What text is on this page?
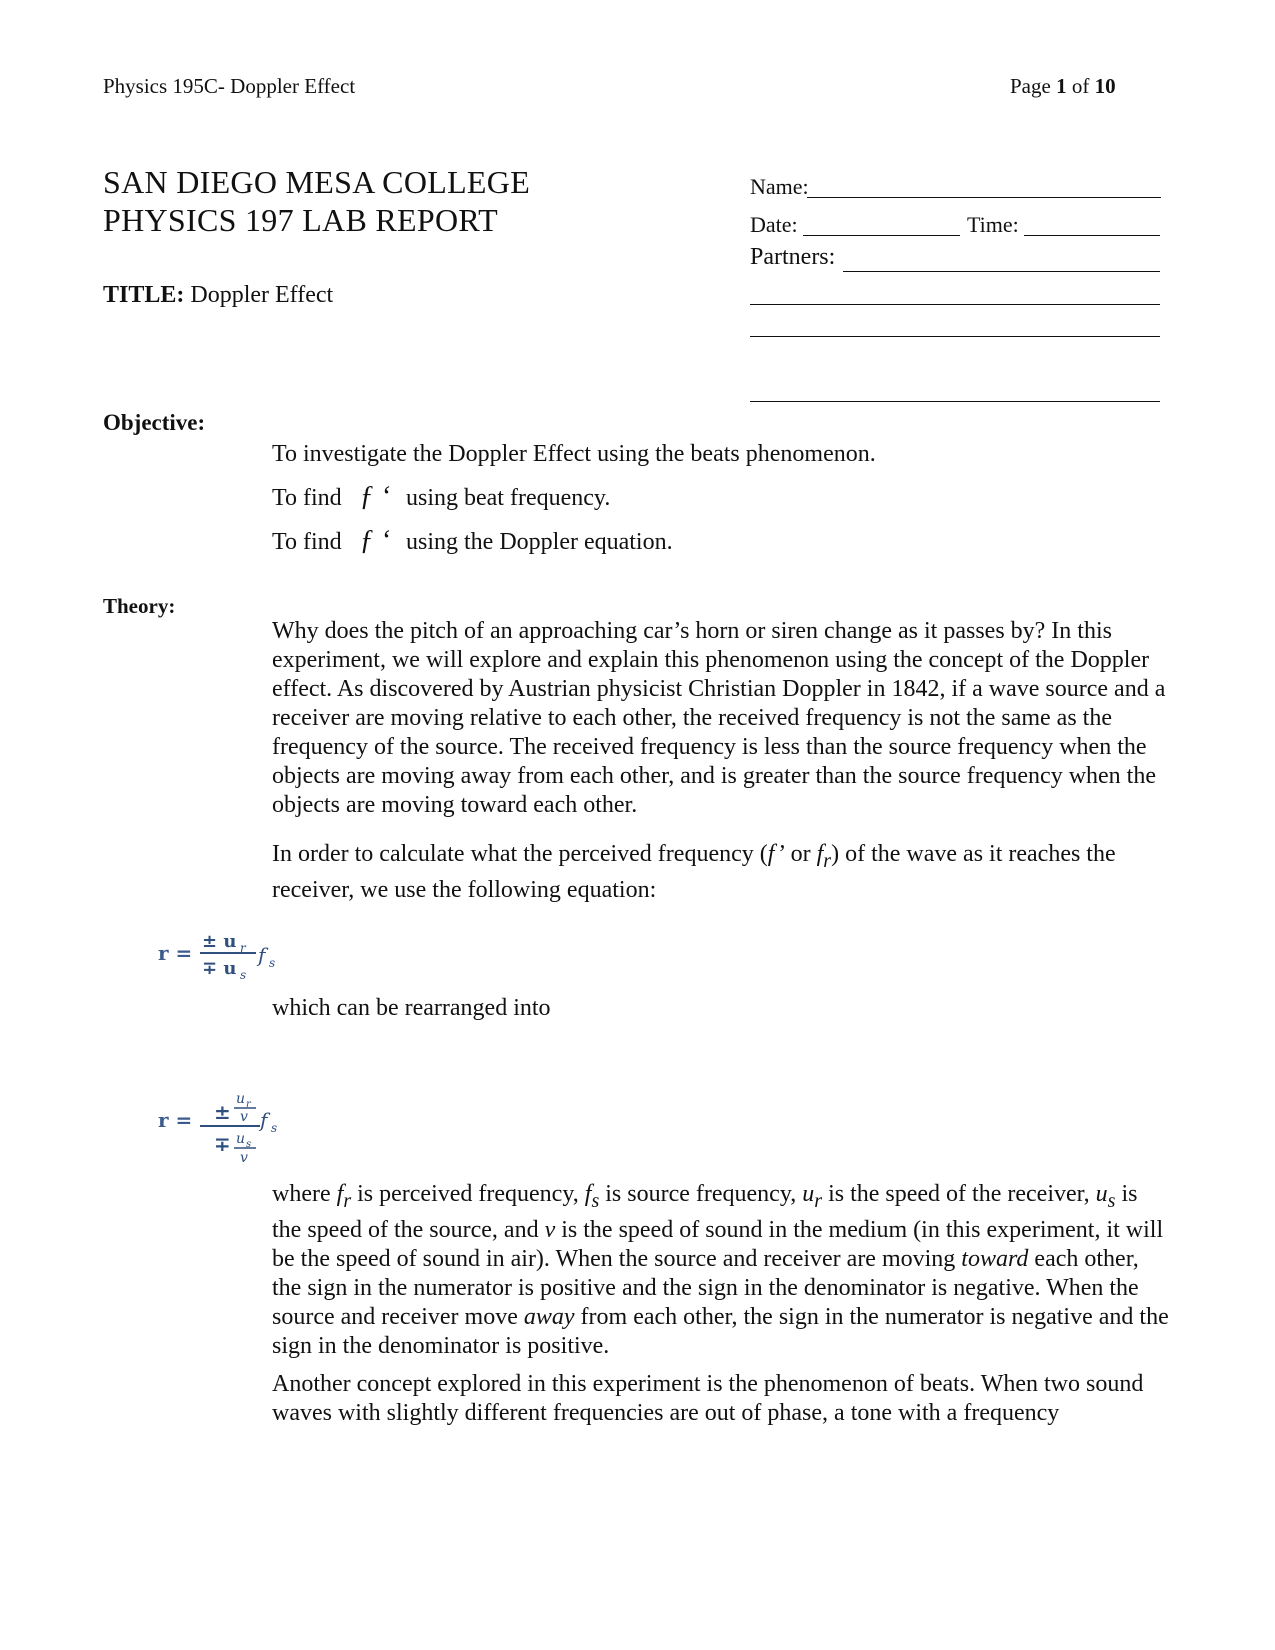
Physics 195C- Doppler Effect	Page 1 of 10
SAN DIEGO MESA COLLEGE
PHYSICS 197 LAB REPORT
TITLE: Doppler Effect
Name:
Date:	Time:
Partners:
Objective:
To investigate the Doppler Effect using the beats phenomenon.
To find ƒ ‘ using beat frequency.
To find ƒ ‘ using the Doppler equation.
Theory:

Why does the pitch of an approaching car’s horn or siren change as it passes by? In this experiment, we will explore and explain this phenomenon using the concept of the Doppler effect. As discovered by Austrian physicist Christian Doppler in 1842, if a wave source and a receiver are moving relative to each other, the received frequency is not the same as the frequency of the source. The received frequency is less than the source frequency when the objects are moving away from each other, and is greater than the source frequency when the objects are moving toward each other.

In order to calculate what the perceived frequency (f’ or $f_r$) of the wave as it reaches the receiver, we use the following equation:

r = ± u r
∓ u s
f s
which can be rearranged into
r = ±
u r
v
∓ u s
v
f s

where $f_r$ is perceived frequency, $f_s$ is source frequency, $u_r$ is the speed of the receiver, $u_s$ is the speed of the source, and v is the speed of sound in the medium (in this experiment, it will be the speed of sound in air). When the source and receiver are moving toward each other, the sign in the numerator is positive and the sign in the denominator is negative. When the source and receiver move away from each other, the sign in the numerator is negative and the sign in the denominator is positive.

Another concept explored in this experiment is the phenomenon of beats. When two sound waves with slightly different frequencies are out of phase, a tone with a frequency
